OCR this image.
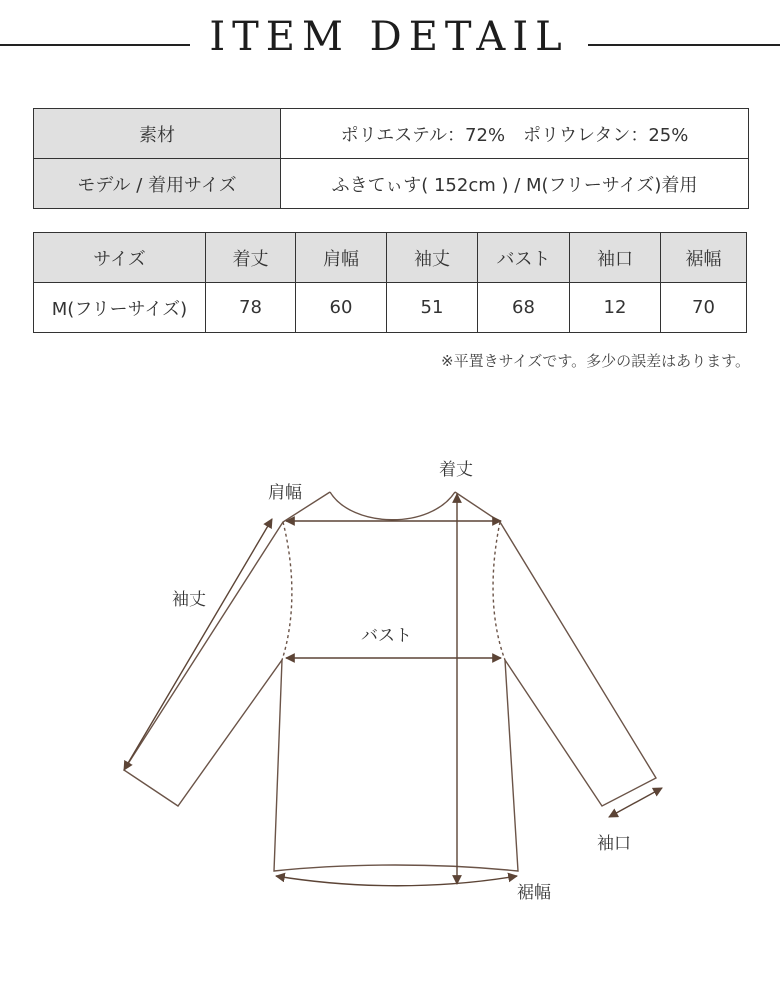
ITEM DETAIL
素材	ポリエステル：72%　ポリウレタン：25%
モデル / 着用サイズ	ふきてぃす( 152cm ) / M(フリーサイズ)着用
サイズ	着丈	肩幅	袖丈	バスト	袖口	裾幅
M(フリーサイズ)	78	60	51	68	12	70
※平置きサイズです。多少の誤差はあります。
着丈
肩幅
袖丈
バスト
袖口
裾幅
